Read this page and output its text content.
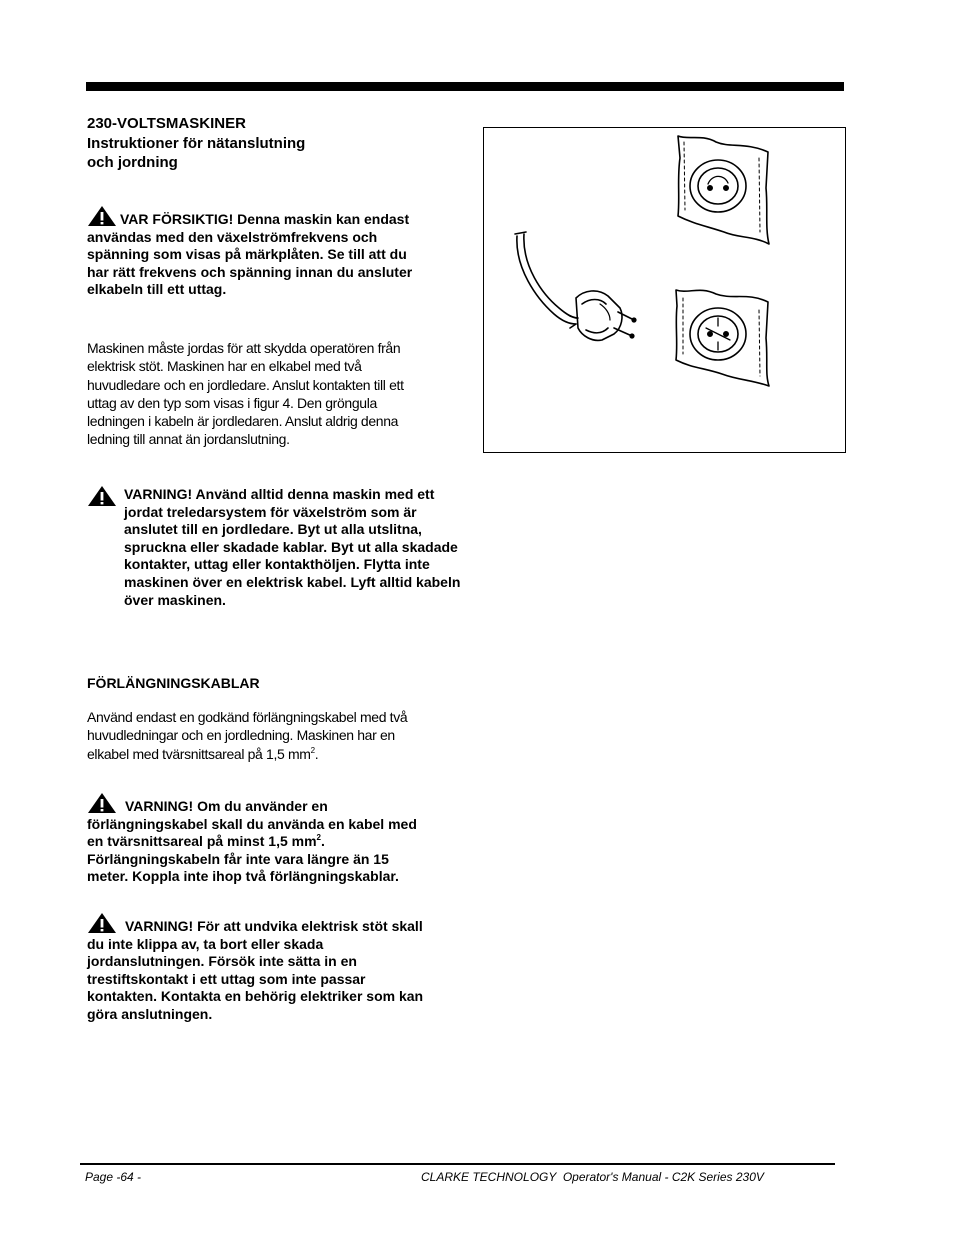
230-VOLTSMASKINER
Instruktioner för nätanslutning
och jordning
VAR FÖRSIKTIG! Denna maskin kan endast användas med den växelströmfrekvens och spänning som visas på märkplåten. Se till att du har rätt frekvens och spänning innan du ansluter elkabeln till ett uttag.
Maskinen måste jordas för att skydda operatören från elektrisk stöt. Maskinen har en elkabel med två huvudledare och en jordledare. Anslut kontakten till ett uttag av den typ som visas i figur 4. Den gröngula ledningen i kabeln är jordledaren. Anslut aldrig denna ledning till annat än jordanslutning.
VARNING! Använd alltid denna maskin med ett jordat treledarsystem för växelström som är anslutet till en jordledare. Byt ut alla utslitna, spruckna eller skadade kablar. Byt ut alla skadade kontakter, uttag eller kontakthöljen. Flytta inte maskinen över en elektrisk kabel. Lyft alltid kabeln över maskinen.
FÖRLÄNGNINGSKABLAR
Använd endast en godkänd förlängningskabel med två huvudledningar och en jordledning. Maskinen har en elkabel med tvärsnittsareal på 1,5 $mm^2$.
VARNING! Om du använder en förlängningskabel skall du använda en kabel med en tvärsnittsareal på minst 1,5 $mm^2$. Förlängningskabeln får inte vara längre än 15 meter. Koppla inte ihop två förlängningskablar.
VARNING! För att undvika elektrisk stöt skall du inte klippa av, ta bort eller skada jordanslutningen. Försök inte sätta in en trestiftskontakt i ett uttag som inte passar kontakten. Kontakta en behörig elektriker som kan göra anslutningen.
Page -64 -	CLARKE TECHNOLOGY  Operator's Manual - C2K Series 230V
